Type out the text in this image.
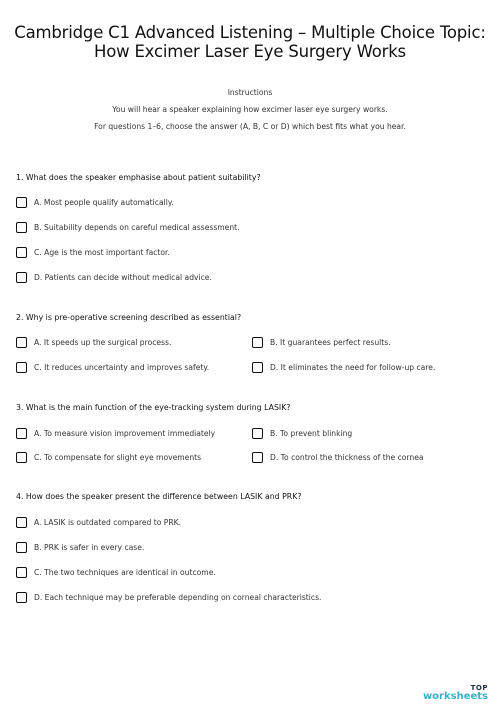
Cambridge C1 Advanced Listening – Multiple Choice Topic:
How Excimer Laser Eye Surgery Works
Instructions
You will hear a speaker explaining how excimer laser eye surgery works.
For questions 1–6, choose the answer (A, B, C or D) which best fits what you hear.
1. What does the speaker emphasise about patient suitability?
A. Most people qualify automatically.
B. Suitability depends on careful medical assessment.
C. Age is the most important factor.
D. Patients can decide without medical advice.
2. Why is pre-operative screening described as essential?
A. It speeds up the surgical process.	B. It guarantees perfect results.
C. It reduces uncertainty and improves safety.	D. It eliminates the need for follow-up care.
3. What is the main function of the eye-tracking system during LASIK?
A. To measure vision improvement immediately	B. To prevent blinking
C. To compensate for slight eye movements	D. To control the thickness of the cornea
4. How does the speaker present the difference between LASIK and PRK?
A. LASIK is outdated compared to PRK.
B. PRK is safer in every case.
C. The two techniques are identical in outcome.
D. Each technique may be preferable depending on corneal characteristics.
TOP
worksheets
